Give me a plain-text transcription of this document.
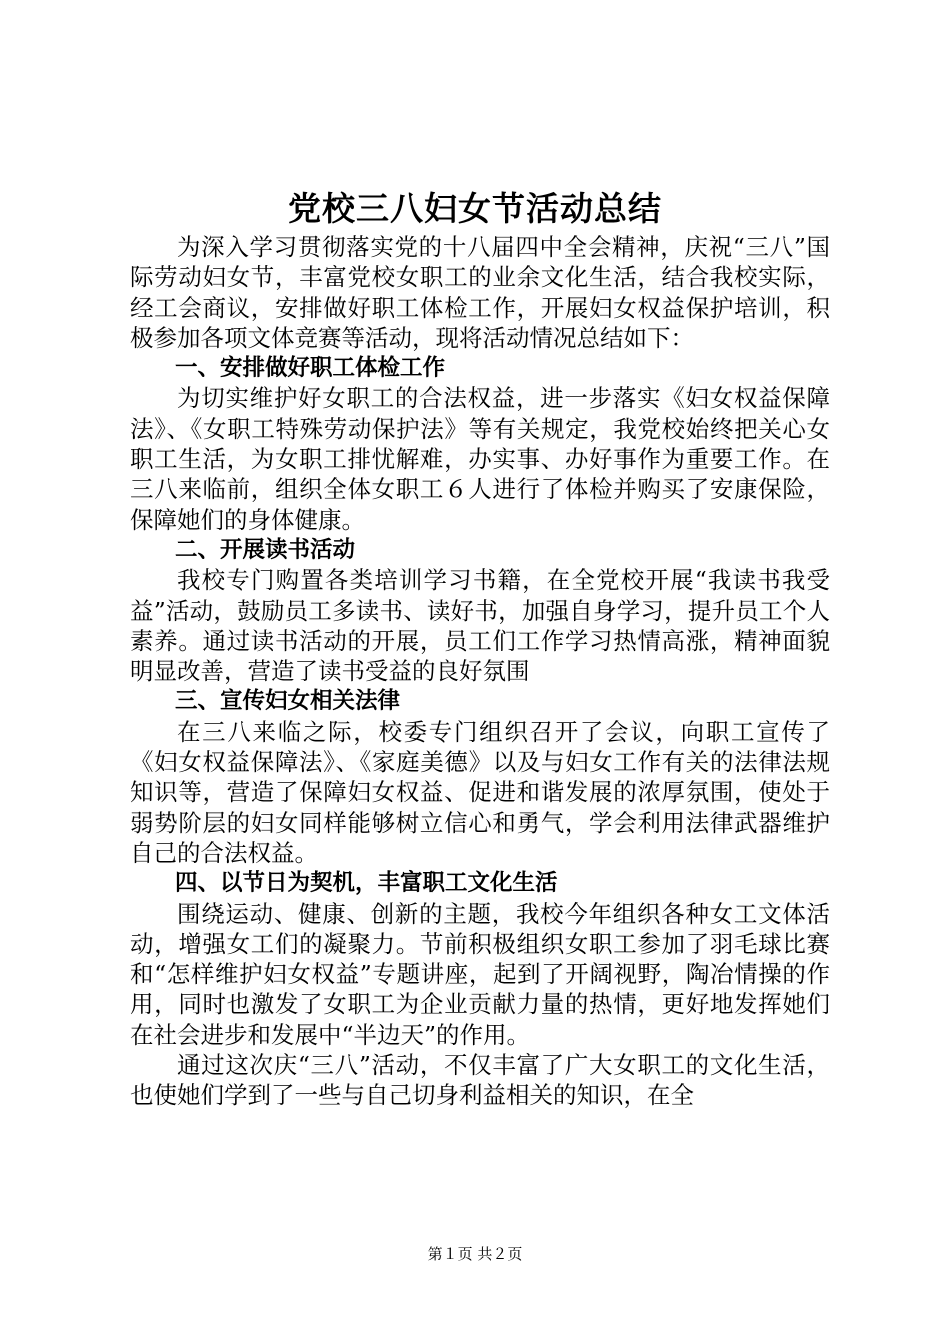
党校三八妇女节活动总结

为深入学习贯彻落实党的十八届四中全会精神，庆祝“三八”国际劳动妇女节，丰富党校女职工的业余文化生活，结合我校实际，经工会商议，安排做好职工体检工作，开展妇女权益保护培训，积极参加各项文体竞赛等活动，现将活动情况总结如下：

一、安排做好职工体检工作

为切实维护好女职工的合法权益，进一步落实《妇女权益保障法》、《女职工特殊劳动保护法》等有关规定，我党校始终把关心女职工生活，为女职工排忧解难，办实事、办好事作为重要工作。在三八来临前，组织全体女职工６人进行了体检并购买了安康保险，保障她们的身体健康。

二、开展读书活动

我校专门购置各类培训学习书籍，在全党校开展“我读书我受益”活动，鼓励员工多读书、读好书，加强自身学习，提升员工个人素养。通过读书活动的开展，员工们工作学习热情高涨，精神面貌明显改善，营造了读书受益的良好氛围

三、宣传妇女相关法律

在三八来临之际，校委专门组织召开了会议，向职工宣传了《妇女权益保障法》、《家庭美德》以及与妇女工作有关的法律法规知识等，营造了保障妇女权益、促进和谐发展的浓厚氛围，使处于弱势阶层的妇女同样能够树立信心和勇气，学会利用法律武器维护自己的合法权益。

四、以节日为契机，丰富职工文化生活

围绕运动、健康、创新的主题，我校今年组织各种女工文体活动，增强女工们的凝聚力。节前积极组织女职工参加了羽毛球比赛和“怎样维护妇女权益”专题讲座，起到了开阔视野，陶冶情操的作用，同时也激发了女职工为企业贡献力量的热情，更好地发挥她们在社会进步和发展中“半边天”的作用。

通过这次庆“三八”活动，不仅丰富了广大女职工的文化生活，也使她们学到了一些与自己切身利益相关的知识，在全

第１页 共２页
